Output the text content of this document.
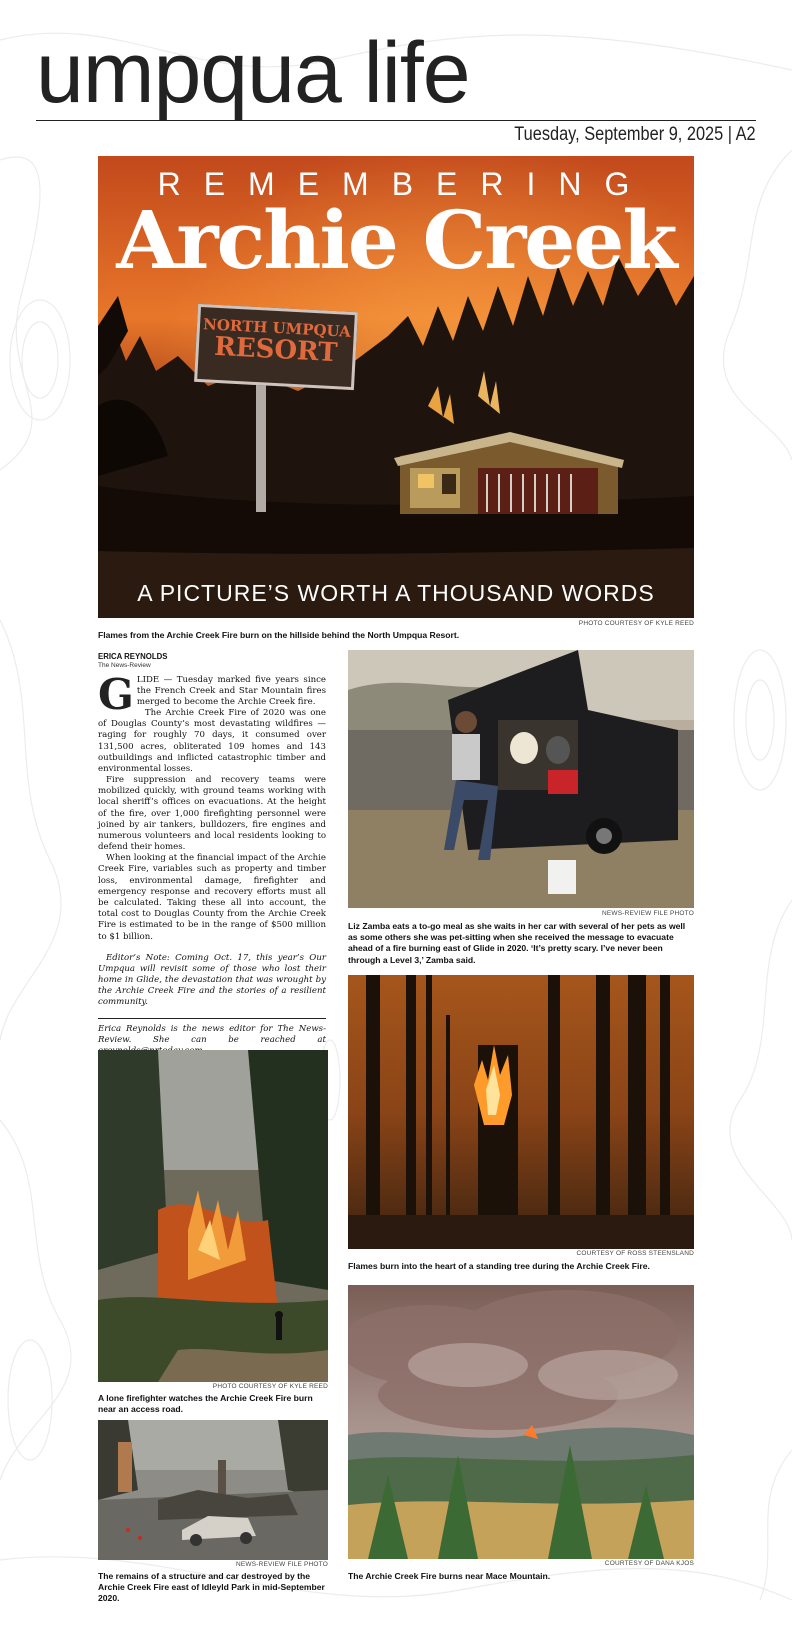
umpqua life
Tuesday, September 9, 2025 | A2
REMEMBERING
Archie Creek
NORTH UMPQUA
RESORT
A PICTURE’S WORTH A THOUSAND WORDS
PHOTO COURTESY OF KYLE REED
Flames from the Archie Creek Fire burn on the hillside behind the North Umpqua Resort.
ERICA REYNOLDS
The News-Review

GLIDE — Tuesday marked five years since the French Creek and Star Mountain fires merged to become the Archie Creek fire.

The Archie Creek Fire of 2020 was one of Douglas County’s most devastating wildfires — raging for roughly 70 days, it consumed over 131,500 acres, obliterated 109 homes and 143 outbuildings and inflicted catastrophic timber and environmental losses.

Fire suppression and recovery teams were mobilized quickly, with ground teams working with local sheriff’s offices on evacuations. At the height of the fire, over 1,000 firefighting personnel were joined by air tankers, bulldozers, fire engines and numerous volunteers and local residents looking to defend their homes.

When looking at the financial impact of the Archie Creek Fire, variables such as property and timber loss, environmental damage, firefighter and emergency response and recovery efforts must all be calculated. Taking these all into account, the total cost to Douglas County from the Archie Creek Fire is estimated to be in the range of $500 million to $1 billion.

Editor’s Note: Coming Oct. 17, this year’s Our Umpqua will revisit some of those who lost their home in Glide, the devastation that was wrought by the Archie Creek Fire and the stories of a resilient community.

Erica Reynolds is the news editor for The News-Review. She can be reached at

NEWS-REVIEW FILE PHOTO
Liz Zamba eats a to-go meal as she waits in her car with several of her pets as well as some others she was pet-sitting when she received the message to evacuate ahead of a fire burning east of Glide in 2020. ‘It’s pretty scary. I’ve never been through a Level 3,’ Zamba said.
COURTESY OF ROSS STEENSLAND
Flames burn into the heart of a standing tree during the Archie Creek Fire.
PHOTO COURTESY OF KYLE REED
A lone firefighter watches the Archie Creek Fire burn near an access road.
NEWS-REVIEW FILE PHOTO
The remains of a structure and car destroyed by the Archie Creek Fire east of Idleyld Park in mid-September 2020.
COURTESY OF DANA KJOS
The Archie Creek Fire burns near Mace Mountain.
